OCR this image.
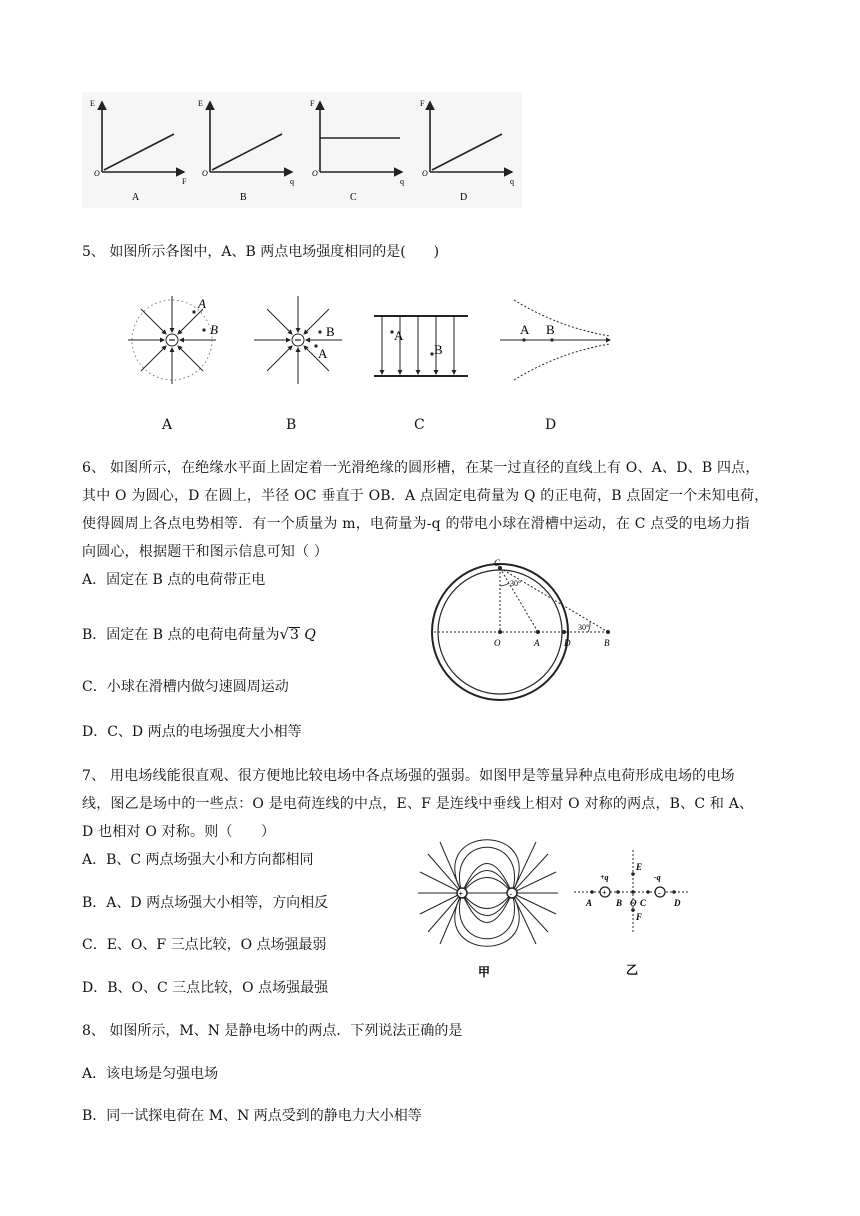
E
F
O
A
E
q
O
B
F
q
O
C
F
q
O
D
5、 如图所示各图中，A、B 两点电场强度相同的是(　　)
A
B	B
A
A
B
A B
A	B	C	D
6、 如图所示，在绝缘水平面上固定着一光滑绝缘的圆形槽，在某一过直径的直线上有 O、A、D、B 四点，
其中 O 为圆心，D 在圆上，半径 OC 垂直于 OB．A 点固定电荷量为 Q 的正电荷，B 点固定一个未知电荷，
使得圆周上各点电势相等．有一个质量为 m，电荷量为-q 的带电小球在滑槽中运动，在 C 点受的电场力指
向圆心，根据题干和图示信息可知（ ）
A．固定在 B 点的电荷带正电
B．固定在 B 点的电荷电荷量为√3 Q
C．小球在滑槽内做匀速圆周运动
D．C、D 两点的电场强度大小相等
C
30°
30°
O	A	D	B
7、 用电场线能很直观、很方便地比较电场中各点场强的强弱。如图甲是等量异种点电荷形成电场的电场
线，图乙是场中的一些点：O 是电荷连线的中点，E、F 是连线中垂线上相对 O 对称的两点，B、C 和 A、
D 也相对 O 对称。则（　　）
A．B、C 两点场强大小和方向都相同
B．A、D 两点场强大小相等，方向相反
C．E、O、F 三点比较，O 点场强最弱
D．B、O、C 三点比较，O 点场强最强
+	-
甲
+	-
+q	-q
E
F
A	B O C	D
乙
8、 如图所示，M、N 是静电场中的两点．下列说法正确的是
A．该电场是匀强电场
B．同一试探电荷在 M、N 两点受到的静电力大小相等
